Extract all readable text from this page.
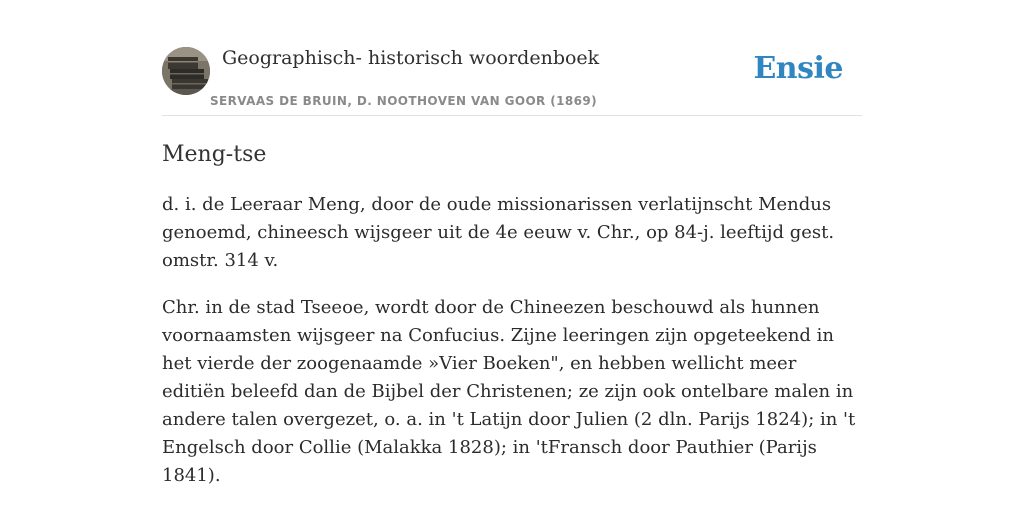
Geographisch- historisch woordenboek
SERVAAS DE BRUIN, D. NOOTHOVEN VAN GOOR (1869)
Ensie
Meng-tse

d. i. de Leeraar Meng, door de oude missionarissen verlatijnscht Mendus genoemd, chineesch wijsgeer uit de 4e eeuw v. Chr., op 84-j. leeftijd gest. omstr. 314 v.

Chr. in de stad Tseeoe, wordt door de Chineezen beschouwd als hunnen voornaamsten wijsgeer na Confucius. Zijne leeringen zijn opgeteekend in het vierde der zoogenaamde »Vier Boeken", en hebben wellicht meer editiën beleefd dan de Bijbel der Christenen; ze zijn ook ontelbare malen in andere talen overgezet, o. a. in 't Latijn door Julien (2 dln. Parijs 1824); in 't Engelsch door Collie (Malakka 1828); in 'tFransch door Pauthier (Parijs 1841).
